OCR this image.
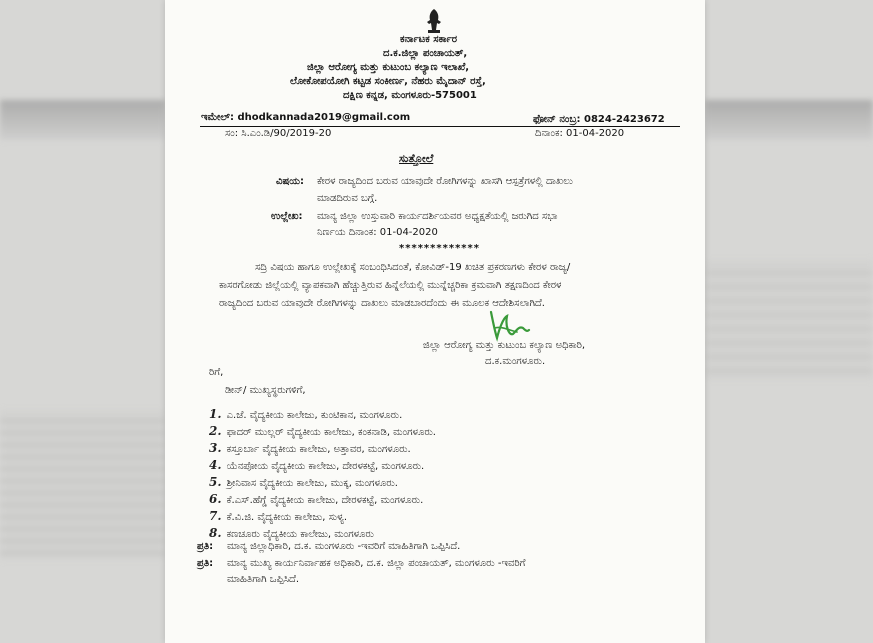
ಕರ್ನಾಟಕ ಸರ್ಕಾರ
ದ.ಕ.ಜಿಲ್ಲಾ ಪಂಚಾಯತ್,
ಜಿಲ್ಲಾ ಆರೋಗ್ಯ ಮತ್ತು ಕುಟುಂಬ ಕಲ್ಯಾಣ ಇಲಾಖೆ,
ಲೋಕೋಪಯೋಗಿ ಕಟ್ಟಡ ಸಂಕೀರ್ಣ, ನೆಹರು ಮೈದಾನ್ ರಸ್ತೆ,
ದಕ್ಷಿಣ ಕನ್ನಡ, ಮಂಗಳೂರು-575001
ಇಮೇಲ್: dhodkannada2019@gmail.com	ಫೋನ್ ನಂಬ್ರ: 0824-2423672
ಸಂ: ಸಿ.ಎಂ.ಡಿ/90/2019-20	ದಿನಾಂಕ: 01-04-2020
ಸುತ್ತೋಲೆ
ವಿಷಯ: ಕೇರಳ ರಾಜ್ಯದಿಂದ ಬರುವ ಯಾವುದೇ ರೋಗಿಗಳನ್ನು ಖಾಸಗಿ ಆಸ್ಪತ್ರೆಗಳಲ್ಲಿ ದಾಖಲು
ಮಾಡದಿರುವ ಬಗ್ಗೆ.
ಉಲ್ಲೇಖ: ಮಾನ್ಯ ಜಿಲ್ಲಾ ಉಸ್ತುವಾರಿ ಕಾರ್ಯದರ್ಶಿಯವರ ಅಧ್ಯಕ್ಷತೆಯಲ್ಲಿ ಜರುಗಿದ ಸಭಾ
ನಿರ್ಣಯ ದಿನಾಂಕ: 01-04-2020
*************
ಸದ್ರಿ ವಿಷಯ ಹಾಗೂ ಉಲ್ಲೇಖಕ್ಕೆ ಸಂಬಂಧಿಸಿದಂತೆ, ಕೋವಿಡ್-19 ಖಚಿತ ಪ್ರಕರಣಗಳು ಕೇರಳ ರಾಜ್ಯ/
ಕಾಸರಗೋಡು ಜಿಲ್ಲೆಯಲ್ಲಿ ವ್ಯಾಪಕವಾಗಿ ಹೆಚ್ಚುತ್ತಿರುವ ಹಿನ್ನೆಲೆಯಲ್ಲಿ ಮುನ್ನೆಚ್ಚರಿಕಾ ಕ್ರಮವಾಗಿ ತಕ್ಷಣದಿಂದ ಕೇರಳ
ರಾಜ್ಯದಿಂದ ಬರುವ ಯಾವುದೇ ರೋಗಿಗಳನ್ನು ದಾಖಲು ಮಾಡಬಾರದೆಂದು ಈ ಮೂಲಕ ಆದೇಶಿಸಲಾಗಿದೆ.
ಜಿಲ್ಲಾ ಆರೋಗ್ಯ ಮತ್ತು ಕುಟುಂಬ ಕಲ್ಯಾಣ ಅಧಿಕಾರಿ,
ದ.ಕ.ಮಂಗಳೂರು.
ರಿಗೆ,
ಡೀನ್/ ಮುಖ್ಯಸ್ಥರುಗಳಿಗೆ,
1. ಎ.ಜೆ. ವೈದ್ಯಕೀಯ ಕಾಲೇಜು, ಕುಂಟಿಕಾನ, ಮಂಗಳೂರು.
2. ಫಾದರ್ ಮುಲ್ಲರ್ ವೈದ್ಯಕೀಯ ಕಾಲೇಜು, ಕಂಕನಾಡಿ, ಮಂಗಳೂರು.
3. ಕಸ್ತೂರ್ಬಾ ವೈದ್ಯಕೀಯ ಕಾಲೇಜು, ಅತ್ತಾವರ, ಮಂಗಳೂರು.
4. ಯೆನಪೋಯ ವೈದ್ಯಕೀಯ ಕಾಲೇಜು, ದೇರಳಕಟ್ಟೆ, ಮಂಗಳೂರು.
5. ಶ್ರೀನಿವಾಸ ವೈದ್ಯಕೀಯ ಕಾಲೇಜು, ಮುಕ್ಕ, ಮಂಗಳೂರು.
6. ಕೆ.ಎಸ್.ಹೆಗ್ಡೆ ವೈದ್ಯಕೀಯ ಕಾಲೇಜು, ದೇರಳಕಟ್ಟೆ, ಮಂಗಳೂರು.
7. ಕೆ.ವಿ.ಜಿ. ವೈದ್ಯಕೀಯ ಕಾಲೇಜು, ಸುಳ್ಯ.
8. ಕಣಚೂರು ವೈದ್ಯಕೀಯ ಕಾಲೇಜು, ಮಂಗಳೂರು
ಪ್ರತಿ: ಮಾನ್ಯ ಜಿಲ್ಲಾಧಿಕಾರಿ, ದ.ಕ. ಮಂಗಳೂರು -ಇವರಿಗೆ ಮಾಹಿತಿಗಾಗಿ ಒಪ್ಪಿಸಿದೆ.
ಪ್ರತಿ: ಮಾನ್ಯ ಮುಖ್ಯ ಕಾರ್ಯನಿರ್ವಾಹಕ ಅಧಿಕಾರಿ, ದ.ಕ. ಜಿಲ್ಲಾ ಪಂಚಾಯತ್, ಮಂಗಳೂರು -ಇವರಿಗೆ
ಮಾಹಿತಿಗಾಗಿ ಒಪ್ಪಿಸಿದೆ.
